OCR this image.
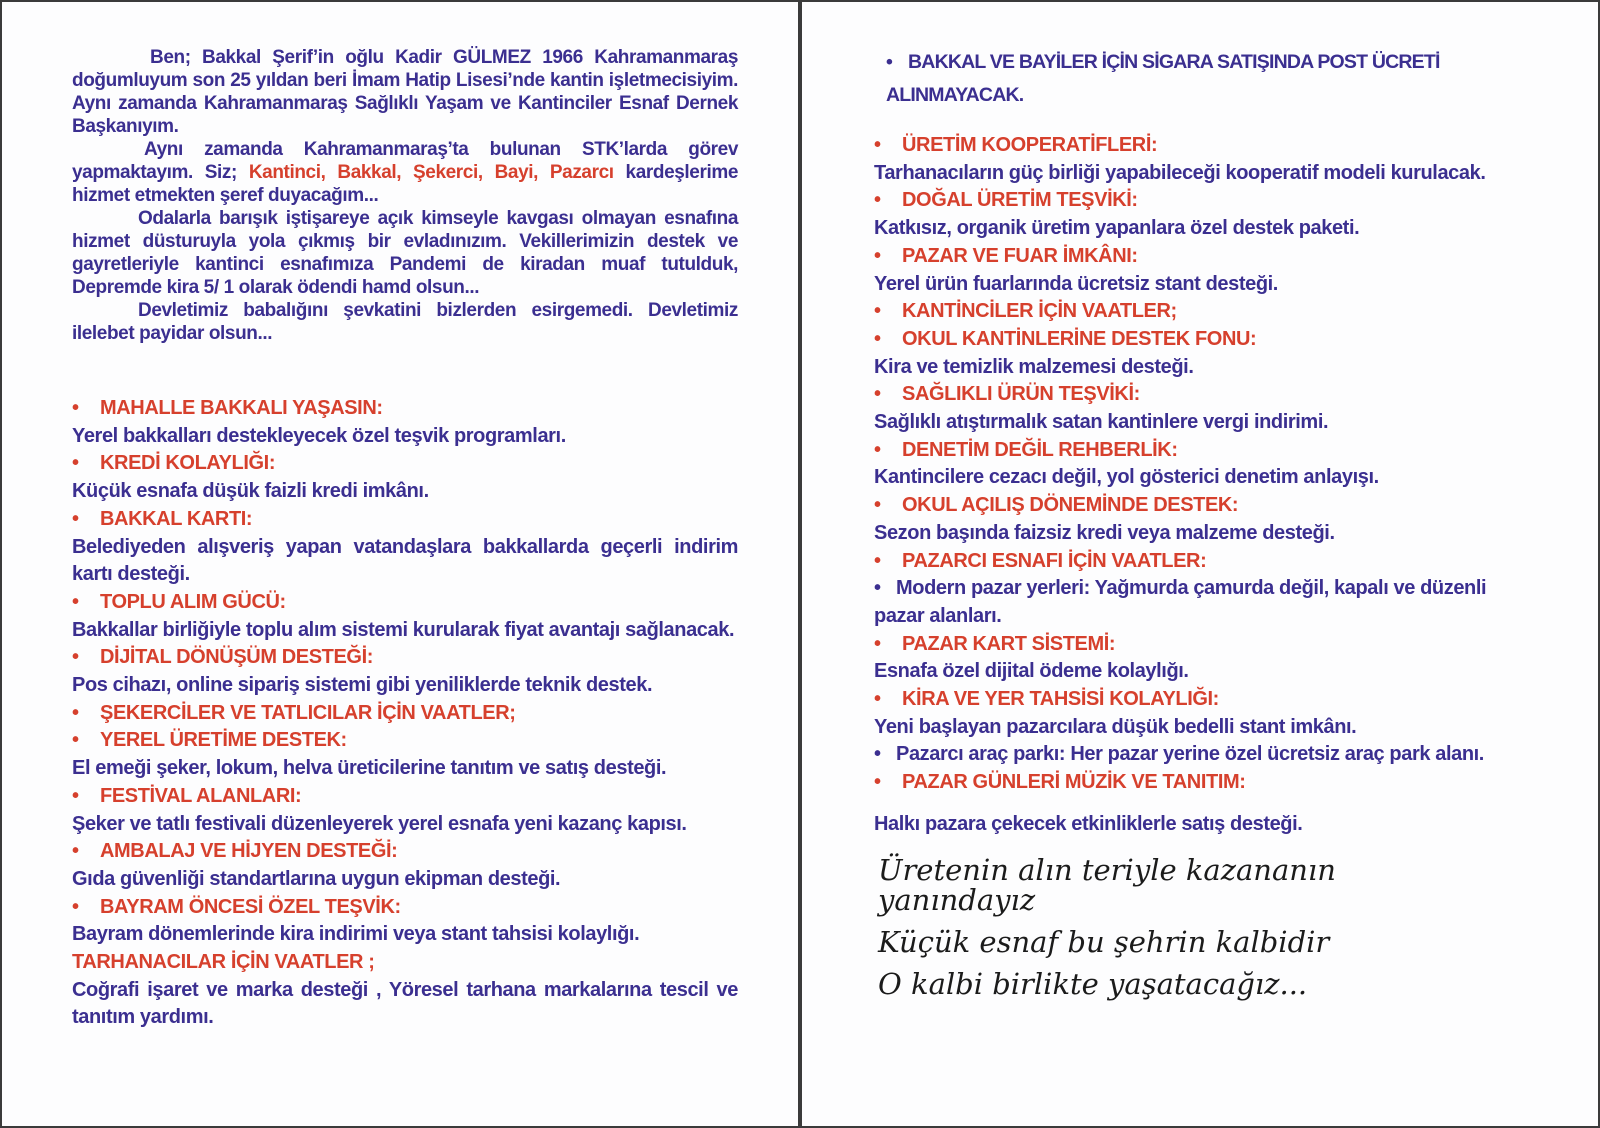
Ben; Bakkal Şerif’in oğlu Kadir GÜLMEZ 1966 Kahramanmaraş doğumluyum son 25 yıldan beri İmam Hatip Lisesi’nde kantin işletmecisiyim. Aynı zamanda Kahramanmaraş Sağlıklı Yaşam ve Kantinciler Esnaf Dernek Başkanıyım.

Aynı zamanda Kahramanmaraş’ta bulunan STK’larda görev yapmaktayım. Siz; Kantinci, Bakkal, Şekerci, Bayi, Pazarcı kardeşlerime hizmet etmekten şeref duyacağım...

Odalarla barışık iştişareye açık kimseyle kavgası olmayan esnafına hizmet düsturuyla yola çıkmış bir evladınızım. Vekillerimizin destek ve gayretleriyle kantinci esnafımıza Pandemi de kiradan muaf tutulduk, Depremde kira 5/ 1 olarak ödendi hamd olsun...

Devletimiz babalığını şevkatini bizlerden esirgemedi. Devletimiz ilelebet payidar olsun...

• MAHALLE BAKKALI YAŞASIN:

Yerel bakkalları destekleyecek özel teşvik programları.

• KREDİ KOLAYLIĞI:

Küçük esnafa düşük faizli kredi imkânı.

• BAKKAL KARTI:

Belediyeden alışveriş yapan vatandaşlara bakkallarda geçerli indirim kartı desteği.

• TOPLU ALIM GÜCÜ:

Bakkallar birliğiyle toplu alım sistemi kurularak fiyat avantajı sağlanacak.

• DİJİTAL DÖNÜŞÜM DESTEĞİ:

Pos cihazı, online sipariş sistemi gibi yeniliklerde teknik destek.

• ŞEKERCİLER VE TATLICILAR İÇİN VAATLER;

• YEREL ÜRETİME DESTEK:

El emeği şeker, lokum, helva üreticilerine tanıtım ve satış desteği.

• FESTİVAL ALANLARI:

Şeker ve tatlı festivali düzenleyerek yerel esnafa yeni kazanç kapısı.

• AMBALAJ VE HİJYEN DESTEĞİ:

Gıda güvenliği standartlarına uygun ekipman desteği.

• BAYRAM ÖNCESİ ÖZEL TEŞVİK:

Bayram dönemlerinde kira indirimi veya stant tahsisi kolaylığı.

TARHANACILAR İÇİN VAATLER ;

Coğrafi işaret ve marka desteği , Yöresel tarhana markalarına tescil ve tanıtım yardımı.

• BAKKAL VE BAYİLER İÇİN SİGARA SATIŞINDA POST ÜCRETİ ALINMAYACAK.

• ÜRETİM KOOPERATİFLERİ:

Tarhanacıların güç birliği yapabileceği kooperatif modeli kurulacak.

• DOĞAL ÜRETİM TEŞVİKİ:

Katkısız, organik üretim yapanlara özel destek paketi.

• PAZAR VE FUAR İMKÂNI:

Yerel ürün fuarlarında ücretsiz stant desteği.

• KANTİNCİLER İÇİN VAATLER;

• OKUL KANTİNLERİNE DESTEK FONU:

Kira ve temizlik malzemesi desteği.

• SAĞLIKLI ÜRÜN TEŞVİKİ:

Sağlıklı atıştırmalık satan kantinlere vergi indirimi.

• DENETİM DEĞİL REHBERLİK:

Kantincilere cezacı değil, yol gösterici denetim anlayışı.

• OKUL AÇILIŞ DÖNEMİNDE DESTEK:

Sezon başında faizsiz kredi veya malzeme desteği.

• PAZARCI ESNAFI İÇİN VAATLER:

• Modern pazar yerleri: Yağmurda çamurda değil, kapalı ve düzenli pazar alanları.

• PAZAR KART SİSTEMİ:

Esnafa özel dijital ödeme kolaylığı.

• KİRA VE YER TAHSİSİ KOLAYLIĞI:

Yeni başlayan pazarcılara düşük bedelli stant imkânı.

• Pazarcı araç parkı: Her pazar yerine özel ücretsiz araç park alanı.

• PAZAR GÜNLERİ MÜZİK VE TANITIM:

Halkı pazara çekecek etkinliklerle satış desteği.

Üretenin alın teriyle kazananın yanındayız

Küçük esnaf bu şehrin kalbidir

O kalbi birlikte yaşatacağız...
